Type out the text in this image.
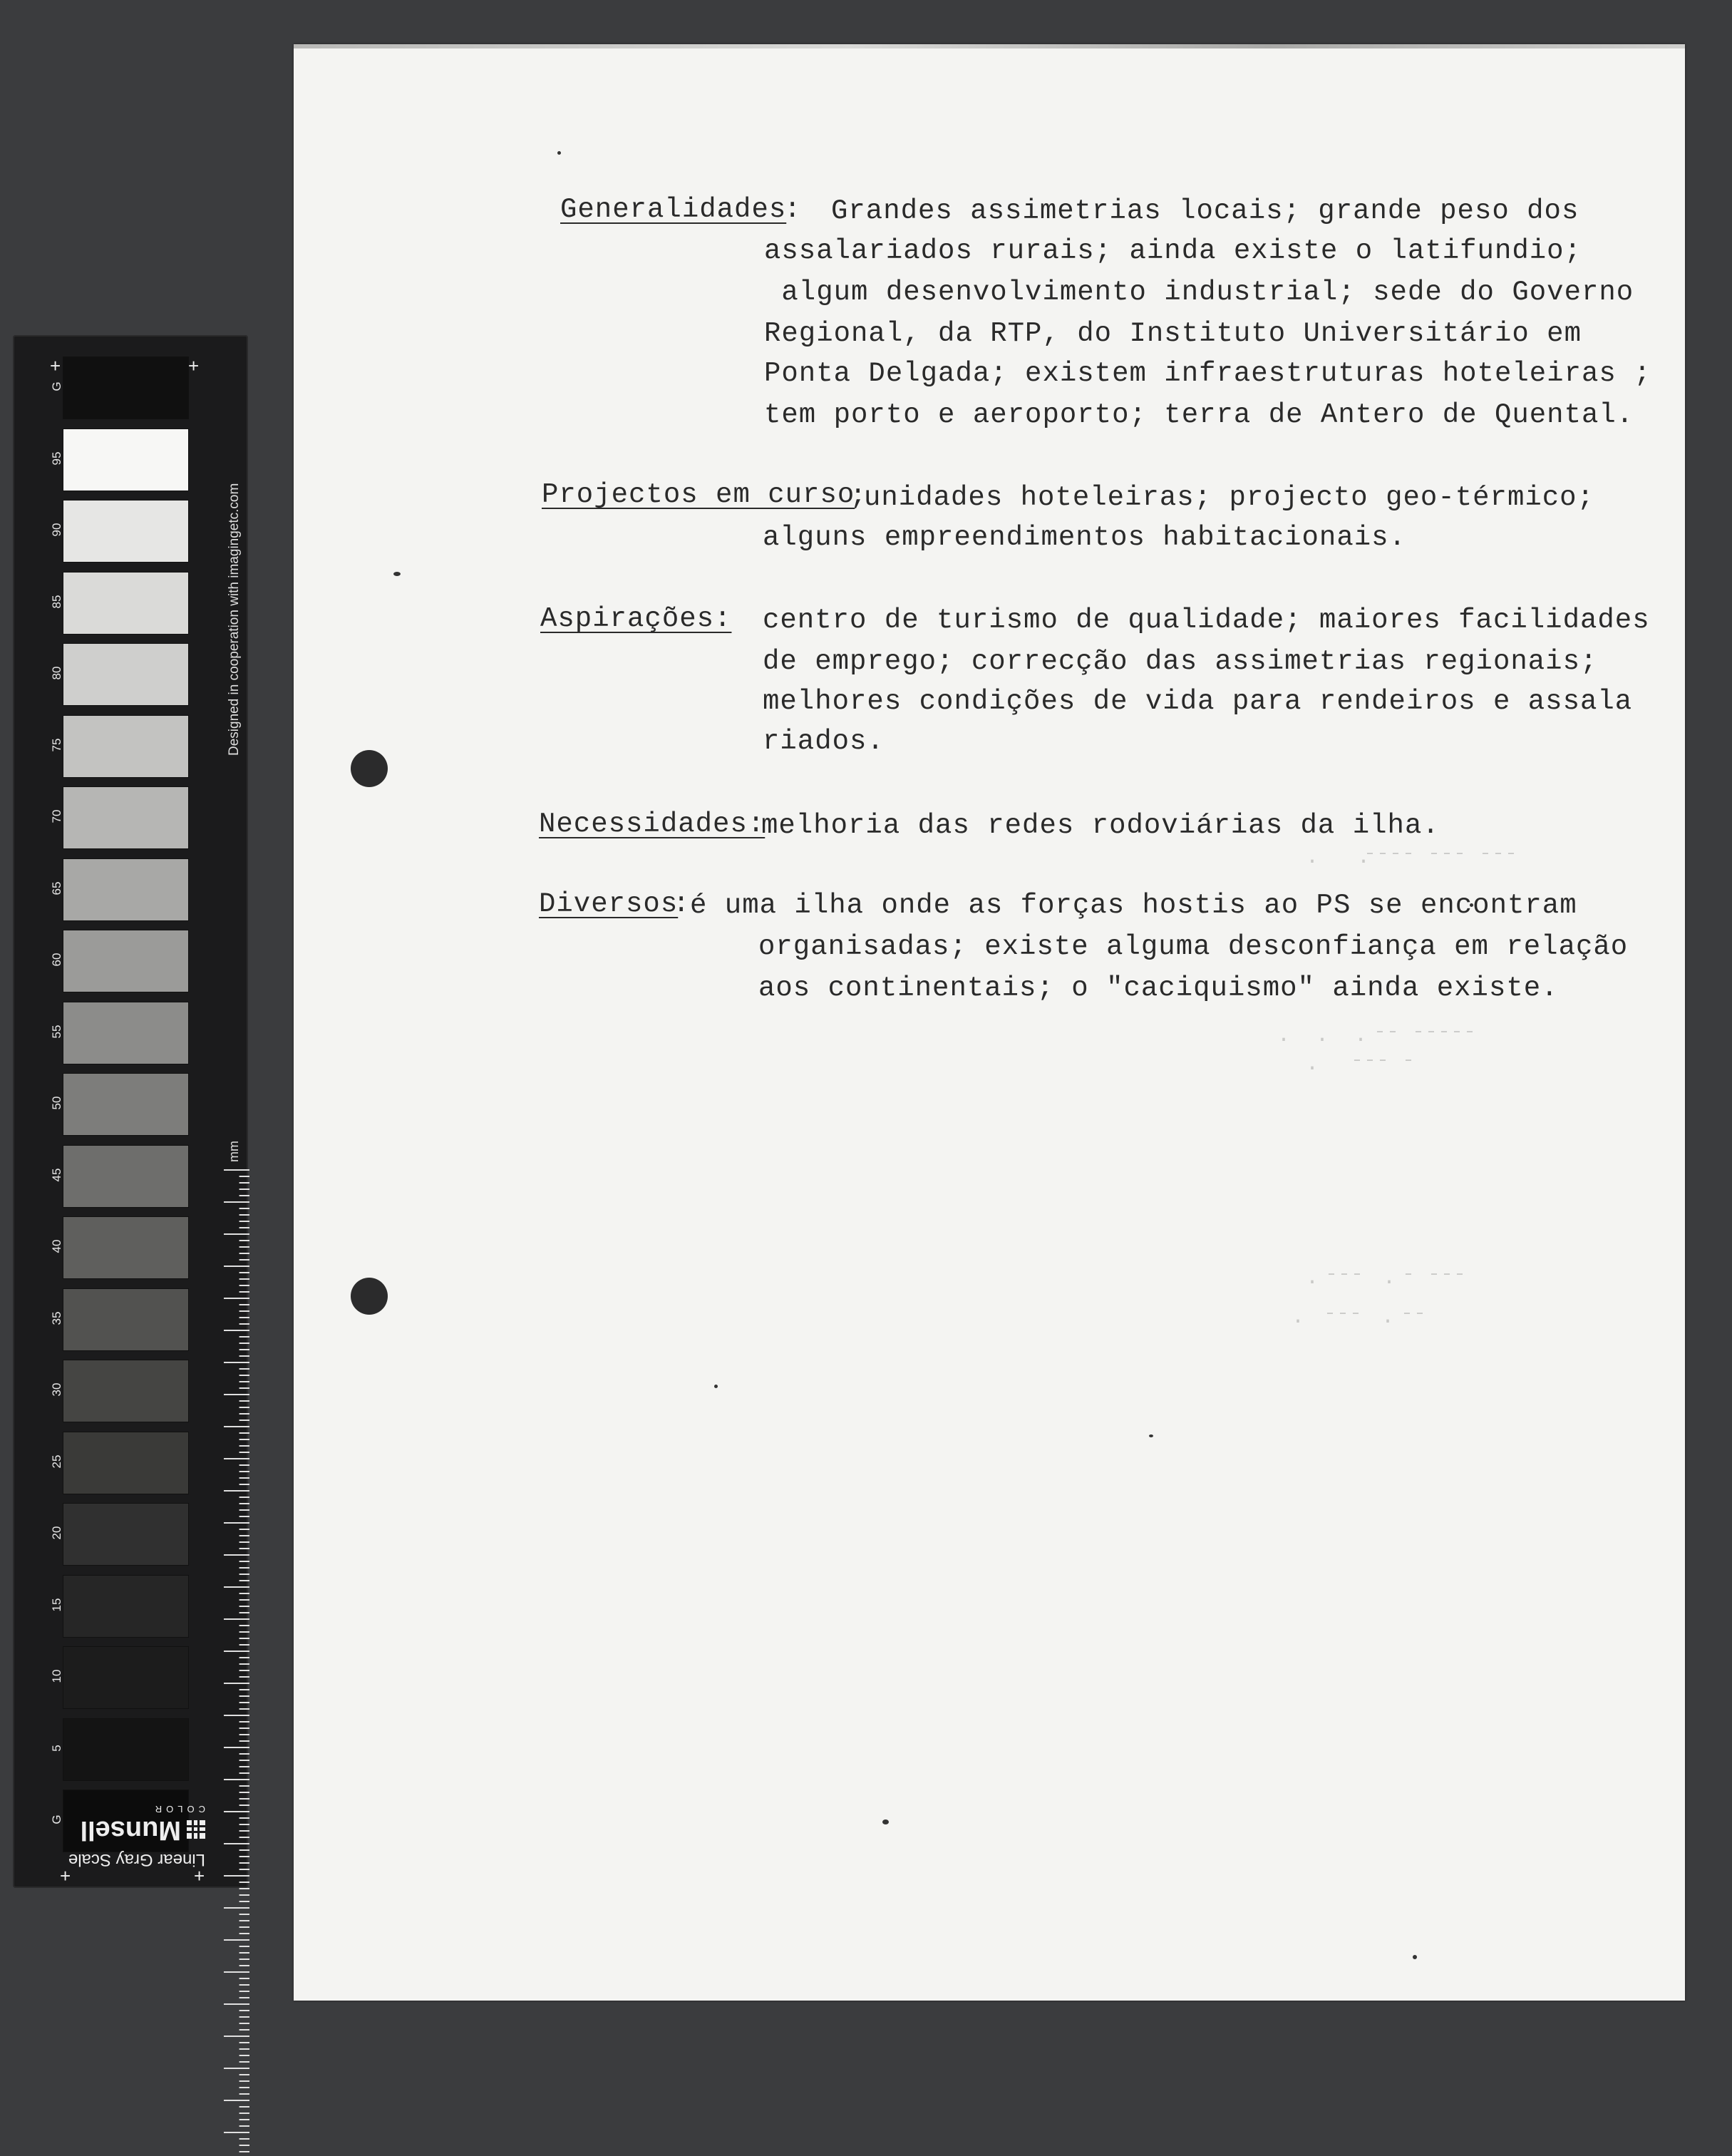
+	+
+	+
Designed in cooperation with imagingetc.com
mm
Linear Gray Scale
Munsell
COLOR
G
95
90
85
80
75
70
65
60
55
50
45
40
35
30
25
20
15
10
5
G
·   ·̄ ̄ ̄ ̄  ̄ ̄ ̄  ̄ ̄ ̄
·  ·  · ̄ ̄  ̄ ̄ ̄ ̄ ̄
·   ̄ ̄ ̄  ̄
· ̄ ̄ ̄  · ̄  ̄ ̄ ̄
·  ̄ ̄ ̄  · ̄ ̄
Generalidades
: Grandes assimetrias locais; grande peso dos
assalariados rurais; ainda existe o latifundio;
algum desenvolvimento industrial; sede do Governo
Regional, da RTP, do Instituto Universitário em
Ponta Delgada; existem infraestruturas hoteleiras ;
tem porto e aeroporto; terra de Antero de Quental.
Projectos em curso
;
unidades hoteleiras; projecto geo-térmico;
alguns empreendimentos habitacionais.
Aspirações: centro de turismo de qualidade; maiores facilidades
de emprego; correcção das assimetrias regionais;
melhores condições de vida para rendeiros e assala
riados.
Necessidades:
melhoria das redes rodoviárias da ilha.
Diversos
: é uma ilha onde as forças hostis ao PS se encontram
organisadas; existe alguma desconfiança em relação
aos continentais; o "caciquismo" ainda existe.
